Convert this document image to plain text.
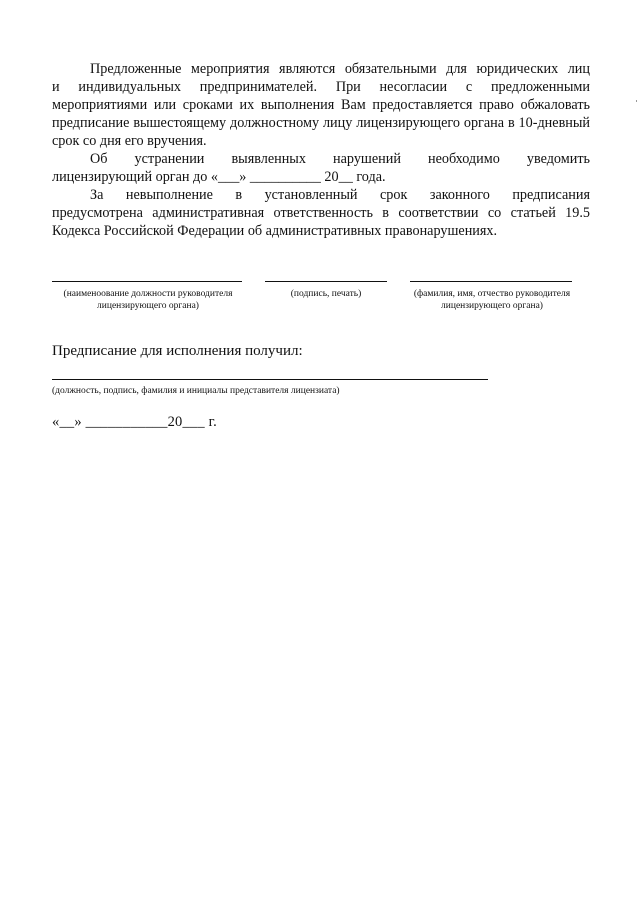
Предложенные мероприятия являются обязательными для юридических лиц

и индивидуальных предпринимателей. При несогласии с предложенными мероприятиями или сроками их выполнения Вам предоставляется право обжаловать предписание вышестоящему должностному лицу лицензирующего органа в 10-дневный срок со дня его вручения.

Об устранении выявленных нарушений необходимо уведомить

лицензирующий орган до «___» __________ 20__ года.

За невыполнение в установленный срок законного предписания

предусмотрена административная ответственность в соответствии со статьей 19.5 Кодекса Российской Федерации об административных правонарушениях.

(наименоование должности руководителя лицензирующего органа)
(подпись, печать)	(фамилия, имя, отчество руководителя лицензирующего органа)
Предписание для исполнения получил:
(должность, подпись, фамилия и инициалы представителя лицензиата)
«__» ___________20___ г.
